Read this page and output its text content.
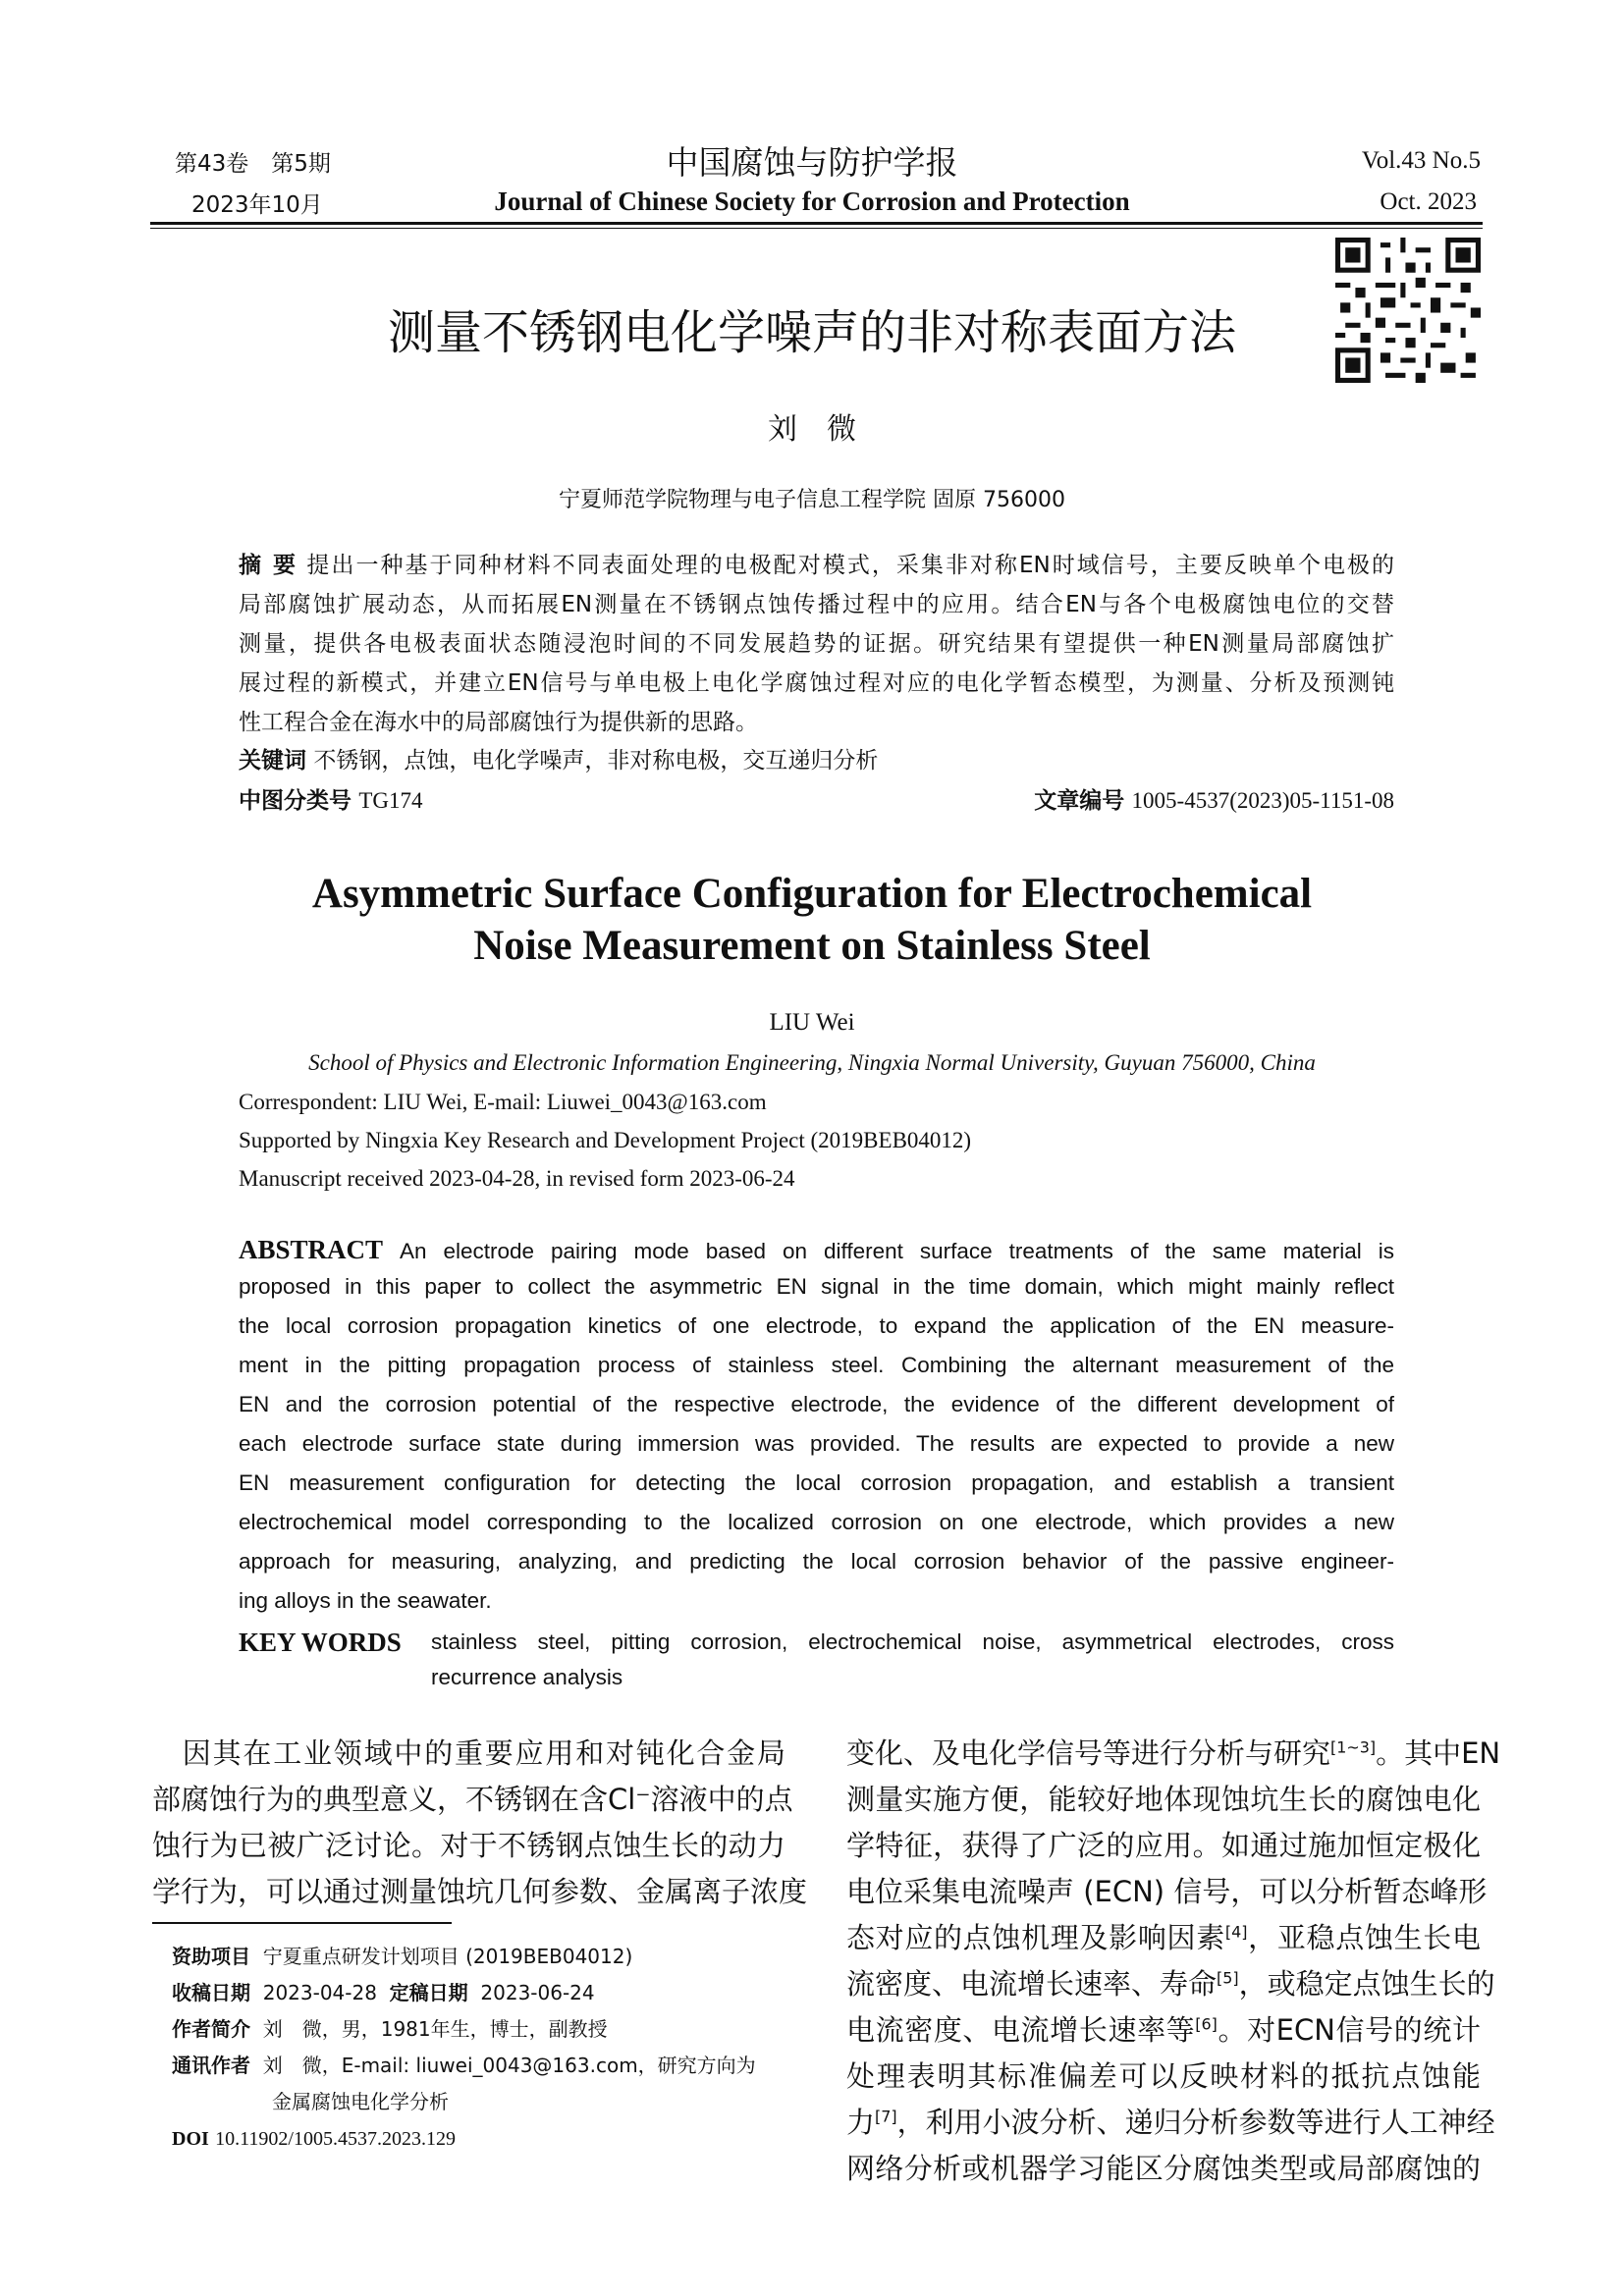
第43卷　第5期
2023年10月
中国腐蚀与防护学报
Journal of Chinese Society for Corrosion and Protection
Vol.43 No.5
Oct. 2023
测量不锈钢电化学噪声的非对称表面方法
刘　微
宁夏师范学院物理与电子信息工程学院 固原 756000
摘 要 提出一种基于同种材料不同表面处理的电极配对模式，采集非对称EN时域信号，主要反映单个电极的
局部腐蚀扩展动态，从而拓展EN测量在不锈钢点蚀传播过程中的应用。结合EN与各个电极腐蚀电位的交替
测量，提供各电极表面状态随浸泡时间的不同发展趋势的证据。研究结果有望提供一种EN测量局部腐蚀扩
展过程的新模式，并建立EN信号与单电极上电化学腐蚀过程对应的电化学暂态模型，为测量、分析及预测钝
性工程合金在海水中的局部腐蚀行为提供新的思路。
关键词 不锈钢，点蚀，电化学噪声，非对称电极，交互递归分析
中图分类号 TG174	文章编号 1005-4537(2023)05-1151-08
Asymmetric Surface Configuration for Electrochemical
Noise Measurement on Stainless Steel
LIU Wei
School of Physics and Electronic Information Engineering, Ningxia Normal University, Guyuan 756000, China
Correspondent: LIU Wei, E-mail: Liuwei_0043@163.com
Supported by Ningxia Key Research and Development Project (2019BEB04012)
Manuscript received 2023-04-28, in revised form 2023-06-24
ABSTRACT An electrode pairing mode based on different surface treatments of the same material is
proposed in this paper to collect the asymmetric EN signal in the time domain, which might mainly reflect
the local corrosion propagation kinetics of one electrode, to expand the application of the EN measure-
ment in the pitting propagation process of stainless steel. Combining the alternant measurement of the
EN and the corrosion potential of the respective electrode, the evidence of the different development of
each electrode surface state during immersion was provided. The results are expected to provide a new
EN measurement configuration for detecting the local corrosion propagation, and establish a transient
electrochemical model corresponding to the localized corrosion on one electrode, which provides a new
approach for measuring, analyzing, and predicting the local corrosion behavior of the passive engineer-
ing alloys in the seawater.
KEY WORDS stainless steel, pitting corrosion, electrochemical noise, asymmetrical electrodes, cross
recurrence analysis
　因其在工业领域中的重要应用和对钝化合金局
部腐蚀行为的典型意义，不锈钢在含Cl⁻溶液中的点
蚀行为已被广泛讨论。对于不锈钢点蚀生长的动力
学行为，可以通过测量蚀坑几何参数、金属离子浓度
资助项目 宁夏重点研发计划项目 (2019BEB04012)
收稿日期 2023-04-28 定稿日期 2023-06-24
作者简介 刘　微，男，1981年生，博士，副教授
通讯作者 刘　微，E-mail: liuwei_0043@163.com，研究方向为
金属腐蚀电化学分析
DOI 10.11902/1005.4537.2023.129
变化、及电化学信号等进行分析与研究[1~3]。其中EN
测量实施方便，能较好地体现蚀坑生长的腐蚀电化
学特征，获得了广泛的应用。如通过施加恒定极化
电位采集电流噪声 (ECN) 信号，可以分析暂态峰形
态对应的点蚀机理及影响因素[4]，亚稳点蚀生长电
流密度、电流增长速率、寿命[5]，或稳定点蚀生长的
电流密度、电流增长速率等[6]。对ECN信号的统计
处理表明其标准偏差可以反映材料的抵抗点蚀能
力[7]，利用小波分析、递归分析参数等进行人工神经
网络分析或机器学习能区分腐蚀类型或局部腐蚀的
